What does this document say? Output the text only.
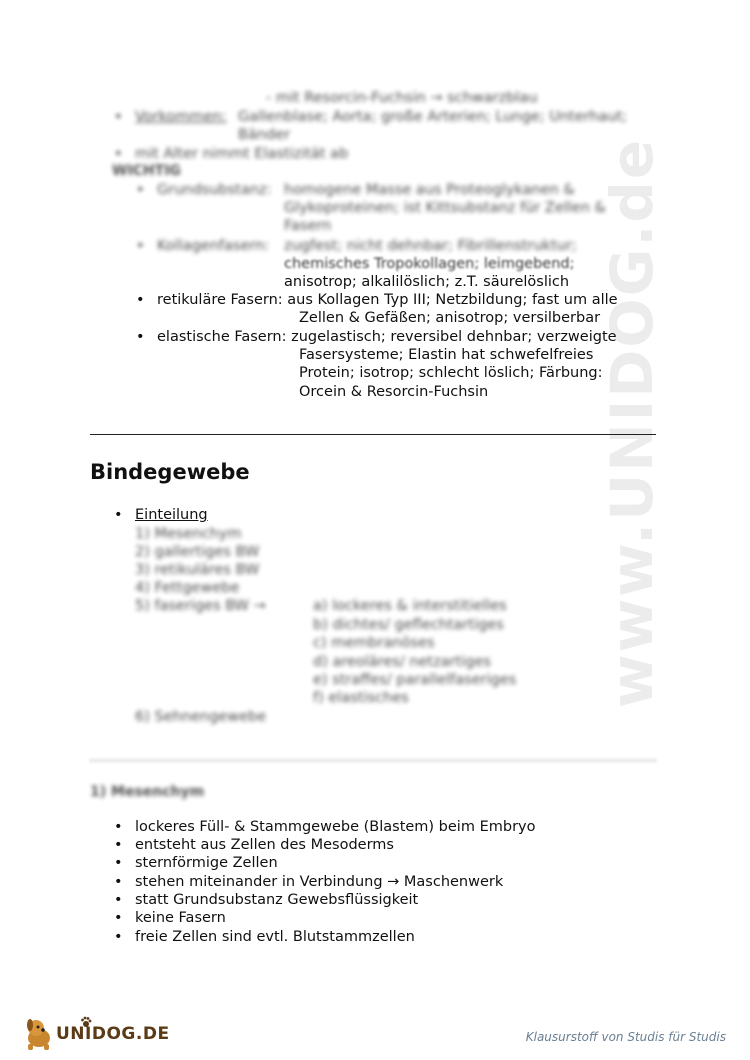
www.UNIDOG.de
- mit Resorcin-Fuchsin → schwarzblau
• Vorkommen: Gallenblase; Aorta; große Arterien; Lunge; Unterhaut;
Bänder
• mit Alter nimmt Elastizität ab
WICHTIG
• Grundsubstanz: homogene Masse aus Proteoglykanen &
Glykoproteinen; ist Kittsubstanz für Zellen &
Fasern
• Kollagenfasern: zugfest; nicht dehnbar; Fibrillenstruktur;
chemisches Tropokollagen; leimgebend;
anisotrop; alkalilöslich; z.T. säurelöslich
• retikuläre Fasern: aus Kollagen Typ III; Netzbildung; fast um alle
Zellen & Gefäßen; anisotrop; versilberbar
• elastische Fasern: zugelastisch; reversibel dehnbar; verzweigte
Fasersysteme; Elastin hat schwefelfreies
Protein; isotrop; schlecht löslich; Färbung:
Orcein & Resorcin-Fuchsin
Bindegewebe
• Einteilung
1) Mesenchym
2) gallertiges BW
3) retikuläres BW
4) Fettgewebe
5) faseriges BW →
6) Sehnengewebe
a) lockeres & interstitielles
b) dichtes/ geflechtartiges
c) membranöses
d) areoläres/ netzartiges
e) straffes/ parallelfaseriges
f) elastisches
1) Mesenchym
• lockeres Füll- & Stammgewebe (Blastem) beim Embryo
• entsteht aus Zellen des Mesoderms
• sternförmige Zellen
• stehen miteinander in Verbindung → Maschenwerk
• statt Grundsubstanz Gewebsflüssigkeit
• keine Fasern
• freie Zellen sind evtl. Blutstammzellen
UNIDOG.DE	Klausurstoff von Studis für Studis
